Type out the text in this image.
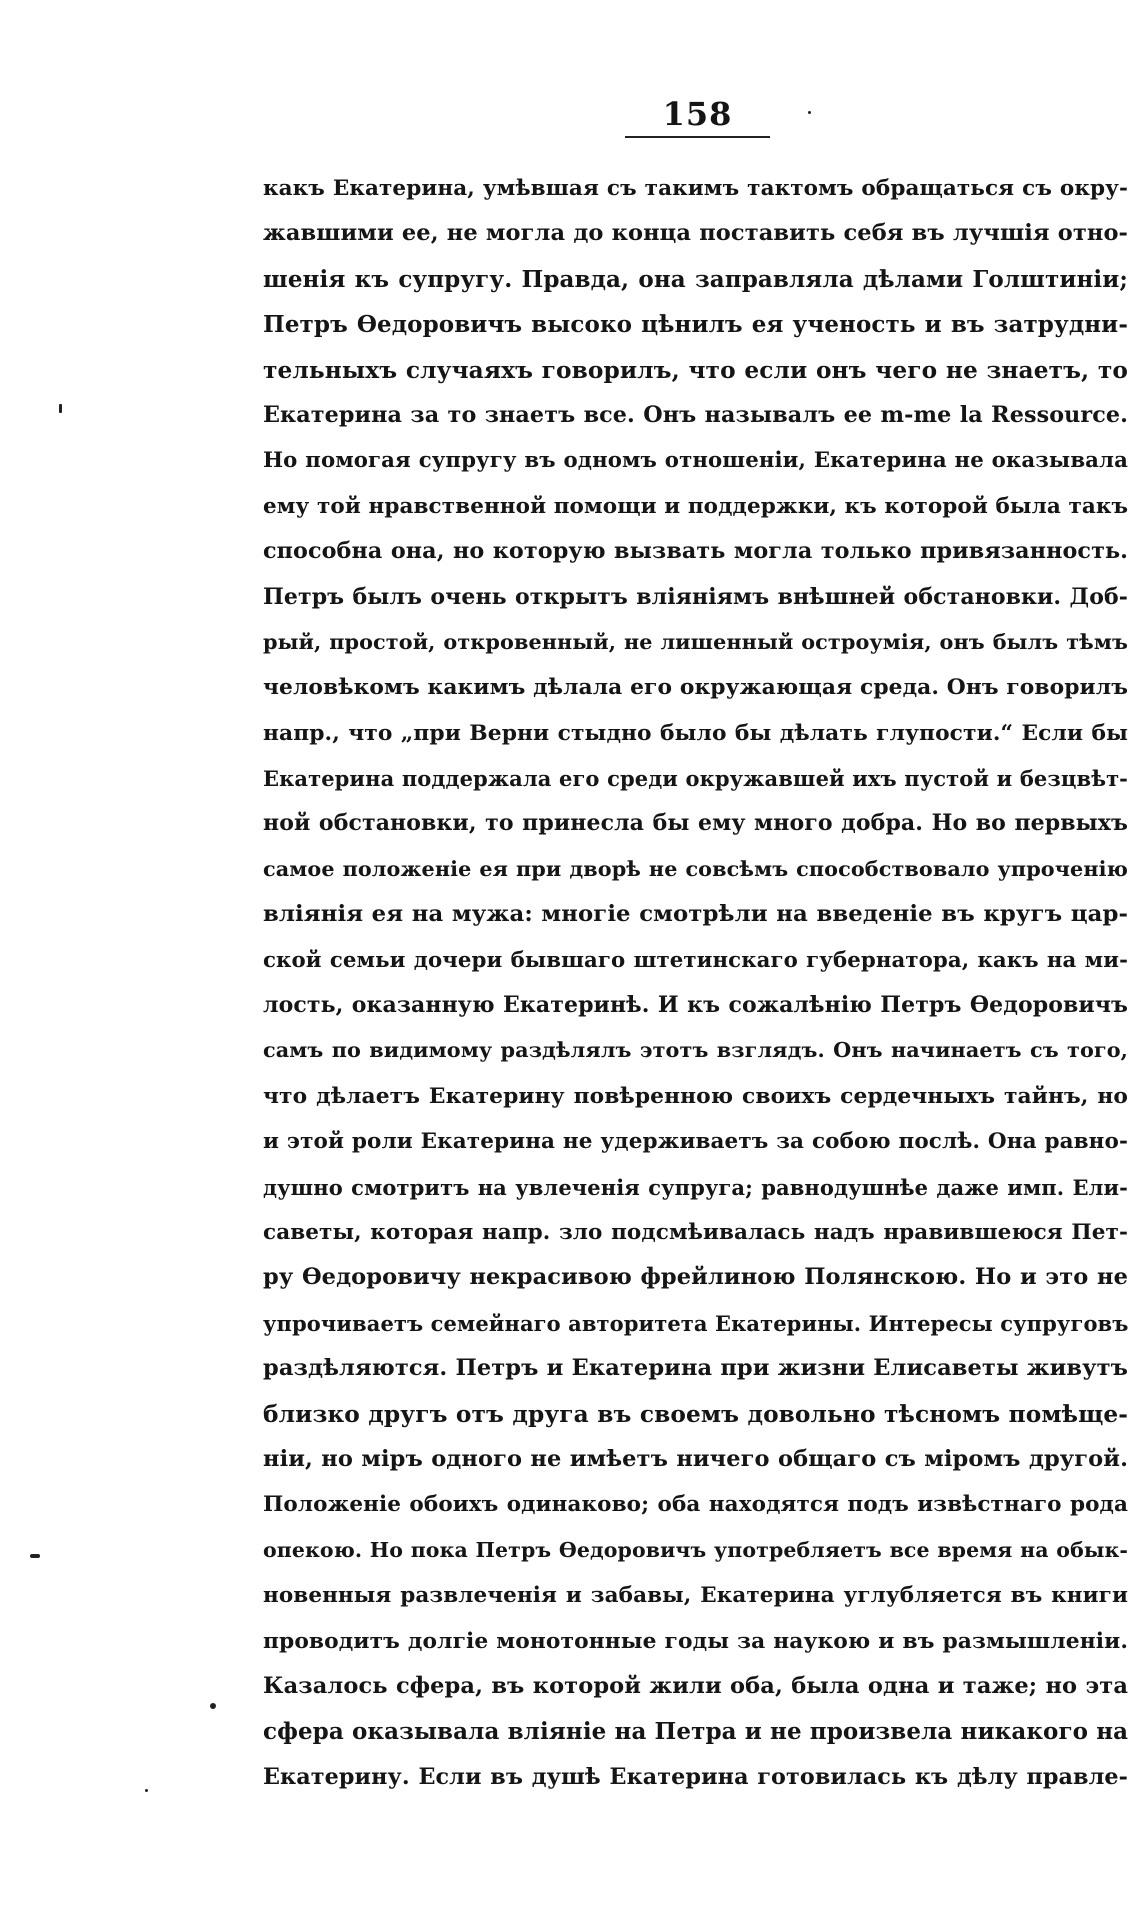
158
какъ Екатерина, умѣвшая съ такимъ тактомъ обращаться съ окру-
жавшими ее, не могла до конца поставить себя въ лучшія отно-
шенія къ супругу. Правда, она заправляла дѣлами Голштиніи;
Петръ Ѳедоровичъ высоко цѣнилъ ея ученость и въ затрудни-
тельныхъ случаяхъ говорилъ, что если онъ чего не знаетъ, то
Екатерина за то знаетъ все. Онъ называлъ ее m-me la Ressource.
Но помогая супругу въ одномъ отношеніи, Екатерина не оказывала
ему той нравственной помощи и поддержки, къ которой была такъ
способна она, но которую вызвать могла только привязанность.
Петръ былъ очень открытъ вліяніямъ внѣшней обстановки. Доб-
рый, простой, откровенный, не лишенный остроумія, онъ былъ тѣмъ
человѣкомъ какимъ дѣлала его окружающая среда. Онъ говорилъ
напр., что „при Верни стыдно было бы дѣлать глупости.“ Если бы
Екатерина поддержала его среди окружавшей ихъ пустой и безцвѣт-
ной обстановки, то принесла бы ему много добра. Но во первыхъ
самое положеніе ея при дворѣ не совсѣмъ способствовало упроченію
вліянія ея на мужа: многіе смотрѣли на введеніе въ кругъ цар-
ской семьи дочери бывшаго штетинскаго губернатора, какъ на ми-
лость, оказанную Екатеринѣ. И къ сожалѣнію Петръ Ѳедоровичъ
самъ по видимому раздѣлялъ этотъ взглядъ. Онъ начинаетъ съ того,
что дѣлаетъ Екатерину повѣренною своихъ сердечныхъ тайнъ, но
и этой роли Екатерина не удерживаетъ за собою послѣ. Она равно-
душно смотритъ на увлеченія супруга; равнодушнѣе даже имп. Ели-
саветы, которая напр. зло подсмѣивалась надъ нравившеюся Пет-
ру Ѳедоровичу некрасивою фрейлиною Полянскою. Но и это не
упрочиваетъ семейнаго авторитета Екатерины. Интересы супруговъ
раздѣляются. Петръ и Екатерина при жизни Елисаветы живутъ
близко другъ отъ друга въ своемъ довольно тѣсномъ помѣще-
ніи, но міръ одного не имѣетъ ничего общаго съ міромъ другой.
Положеніе обоихъ одинаково; оба находятся подъ извѣстнаго рода
опекою. Но пока Петръ Ѳедоровичъ употребляетъ все время на обык-
новенныя развлеченія и забавы, Екатерина углубляется въ книги
проводитъ долгіе монотонные годы за наукою и въ размышленіи.
Казалось сфера, въ которой жили оба, была одна и таже; но эта
сфера оказывала вліяніе на Петра и не произвела никакого на
Екатерину. Если въ душѣ Екатерина готовилась къ дѣлу правле-
